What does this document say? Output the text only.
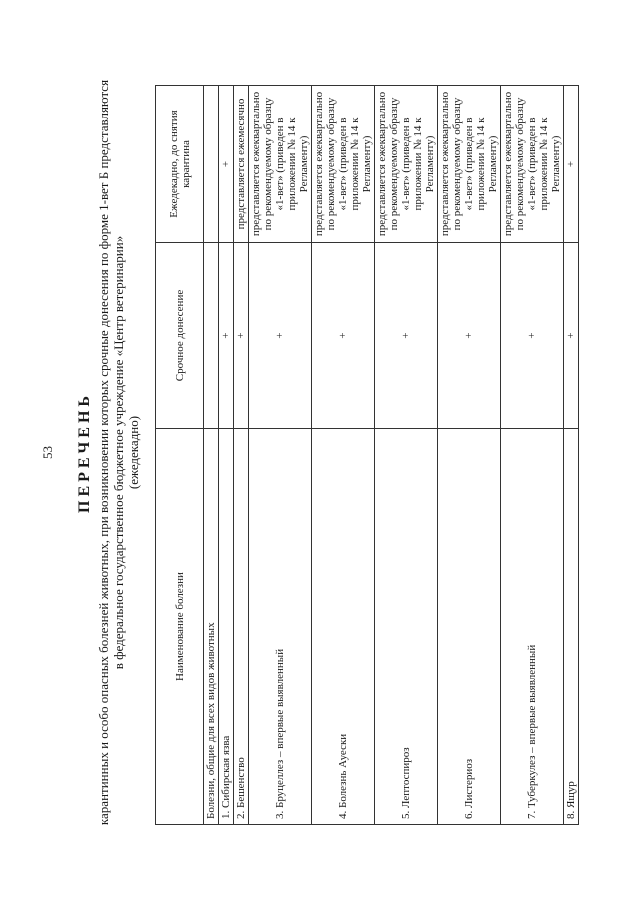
53 ПЕРЕЧЕНЬ карантинных и особо опасных болезней животных, при возникновении которых срочные донесения по форме 1-вет Б представляются в федеральное государственное бюджетное учреждение «Центр ветеринарии» (ежедекадно)
Наименование болезни	Срочное донесение	Ежедекадно, до снятия карантина
Болезни, общие для всех видов животных		
1. Сибирская язва	+	+
2. Бешенство	+	представляется ежемесячно
3. Бруцеллез – впервые выявленный	+	представляется ежеквартально по рекомендуемому образцу «1-вет» (приведен в приложении № 14 к Регламенту)
4. Болезнь Ауески	+	представляется ежеквартально по рекомендуемому образцу «1-вет» (приведен в приложении № 14 к Регламенту)
5. Лептоспироз	+	представляется ежеквартально по рекомендуемому образцу «1-вет» (приведен в приложении № 14 к Регламенту)
6. Листериоз	+	представляется ежеквартально по рекомендуемому образцу «1-вет» (приведен в приложении № 14 к Регламенту)
7. Туберкулез – впервые выявленный	+	представляется ежеквартально по рекомендуемому образцу «1-вет» (приведен в приложении № 14 к Регламенту)
8. Ящур	+	+
